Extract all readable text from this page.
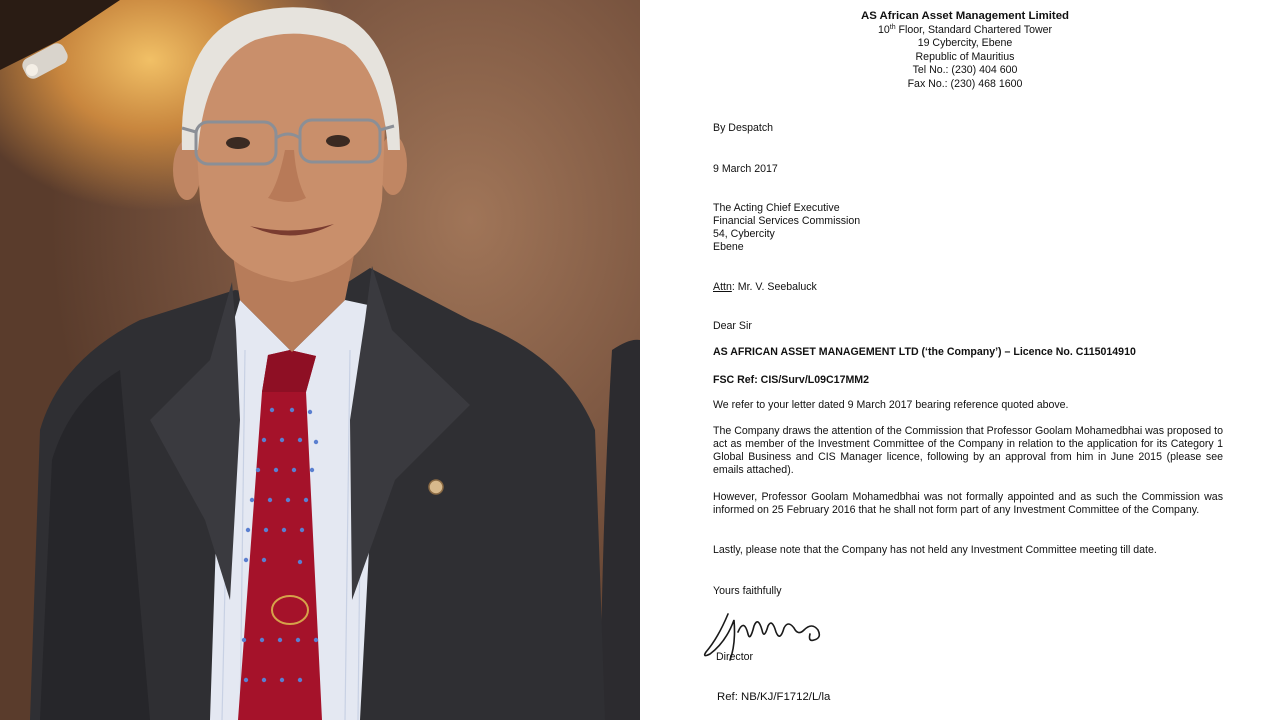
AS African Asset Management Limited
10th Floor, Standard Chartered Tower
19 Cybercity, Ebene
Republic of Mauritius
Tel No.: (230) 404 600
Fax No.: (230) 468 1600
By Despatch
9 March 2017
The Acting Chief Executive
Financial Services Commission
54, Cybercity
Ebene
Attn: Mr. V. Seebaluck
Dear Sir
AS AFRICAN ASSET MANAGEMENT LTD (‘the Company’) – Licence No. C115014910
FSC Ref: CIS/Surv/L09C17MM2
We refer to your letter dated 9 March 2017 bearing reference quoted above.
The Company draws the attention of the Commission that Professor Goolam Mohamedbhai was proposed to act as member of the Investment Committee of the Company in relation to the application for its Category 1 Global Business and CIS Manager licence, following by an approval from him in June 2015 (please see emails attached).
However, Professor Goolam Mohamedbhai was not formally appointed and as such the Commission was informed on 25 February 2016 that he shall not form part of any Investment Committee of the Company.
Lastly, please note that the Company has not held any Investment Committee meeting till date.
Yours faithfully
Director
Ref: NB/KJ/F1712/L/la
